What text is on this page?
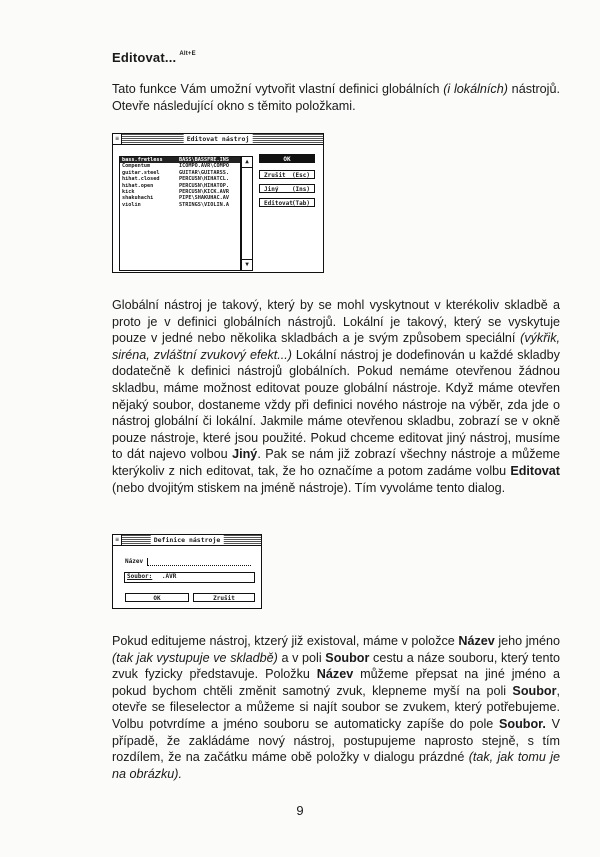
Editovat... $^{Alt+E}$
Tato funkce Vám umožní vytvořit vlastní definici globálních (i lokálních) nástrojů. Otevře následující okno s těmito položkami.
≡	Editovat nástroj
bass.fretless	BASS\BASSFRE.INS
Compentum	ICOMPO.AVR\COMPO
guitar.steel	GUITAR\GUITARSS.
hihat.closed	PERCUSN\HIHATCL.
hihat.open	PERCUSN\HIHATOP.
kick	PERCUSN\KICK.AVR
shakuhachi	PIPE\SHAKUHAC.AV
violin	STRINGS\VIOLIN.A
▲
▼
OK
Zrušit (Esc)
Jiný (Ins)
Editovat (Tab)
Globální nástroj je takový, který by se mohl vyskytnout v kterékoliv skladbě a proto je v definici globálních nástrojů. Lokální je takový, který se vyskytuje pouze v jedné nebo několika skladbách a je svým způsobem speciální (výkřik, siréna, zvláštní zvukový efekt...) Lokální nástroj je dodefinován u každé skladby dodatečně k definici nástrojů globálních. Pokud nemáme otevřenou žádnou skladbu, máme možnost editovat pouze globální nástroje. Když máme otevřen nějaký soubor, dostaneme vždy při definici nového nástroje na výběr, zda jde o nástroj globální či lokální. Jakmile máme otevřenou skladbu, zobrazí se v okně pouze nástroje, které jsou použité. Pokud chceme editovat jiný nástroj, musíme to dát najevo volbou Jiný. Pak se nám již zobrazí všechny nástroje a můžeme kterýkoliv z nich editovat, tak, že ho označíme a potom zadáme volbu Editovat (nebo dvojitým stiskem na jméně nástroje). Tím vyvoláme tento dialog.
≡	Definice nástroje
Název
Soubor: .AVR
OK	Zrušit
Pokud editujeme nástroj, ktzerý již existoval, máme v položce Název jeho jméno (tak jak vystupuje ve skladbě) a v poli Soubor cestu a náze souboru, který tento zvuk fyzicky představuje. Položku Název můžeme přepsat na jiné jméno a pokud bychom chtěli změnit samotný zvuk, klepneme myší na poli Soubor, otevře se fileselector a můžeme si najít soubor se zvukem, který potřebujeme. Volbu potvrdíme a jméno souboru se automaticky zapíše do pole Soubor. V případě, že zakládáme nový nástroj, postupujeme naprosto stejně, s tím rozdílem, že na začátku máme obě položky v dialogu prázdné (tak, jak tomu je na obrázku).
9
